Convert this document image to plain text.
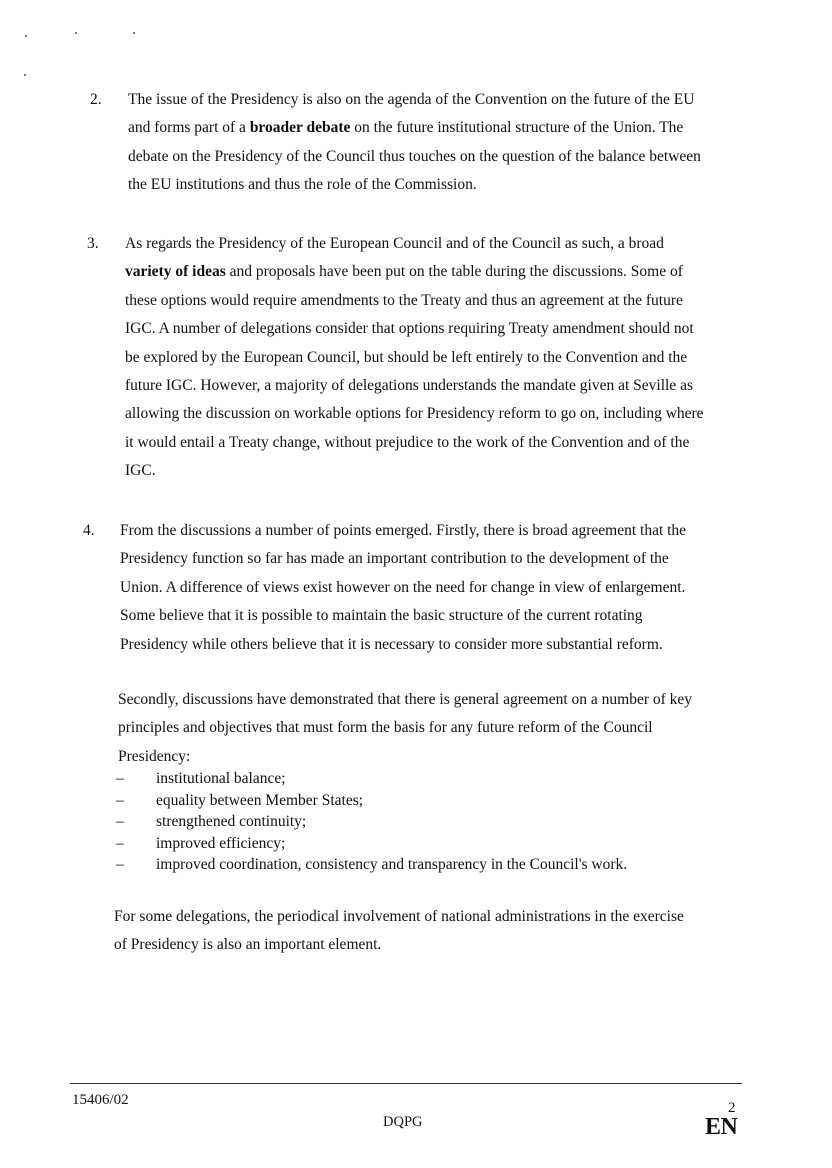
2. The issue of the Presidency is also on the agenda of the Convention on the future of the EU
and forms part of a broader debate on the future institutional structure of the Union. The
debate on the Presidency of the Council thus touches on the question of the balance between
the EU institutions and thus the role of the Commission.
3. As regards the Presidency of the European Council and of the Council as such, a broad
variety of ideas and proposals have been put on the table during the discussions. Some of
these options would require amendments to the Treaty and thus an agreement at the future
IGC. A number of delegations consider that options requiring Treaty amendment should not
be explored by the European Council, but should be left entirely to the Convention and the
future IGC. However, a majority of delegations understands the mandate given at Seville as
allowing the discussion on workable options for Presidency reform to go on, including where
it would entail a Treaty change, without prejudice to the work of the Convention and of the
IGC.
4. From the discussions a number of points emerged. Firstly, there is broad agreement that the
Presidency function so far has made an important contribution to the development of the
Union. A difference of views exist however on the need for change in view of enlargement.
Some believe that it is possible to maintain the basic structure of the current rotating
Presidency while others believe that it is necessary to consider more substantial reform.
Secondly, discussions have demonstrated that there is general agreement on a number of key
principles and objectives that must form the basis for any future reform of the Council
Presidency:
–	institutional balance;
–	equality between Member States;
–	strengthened continuity;
–	improved efficiency;
–	improved coordination, consistency and transparency in the Council's work.
For some delegations, the periodical involvement of national administrations in the exercise
of Presidency is also an important element.
15406/02
DQPG
2
EN
